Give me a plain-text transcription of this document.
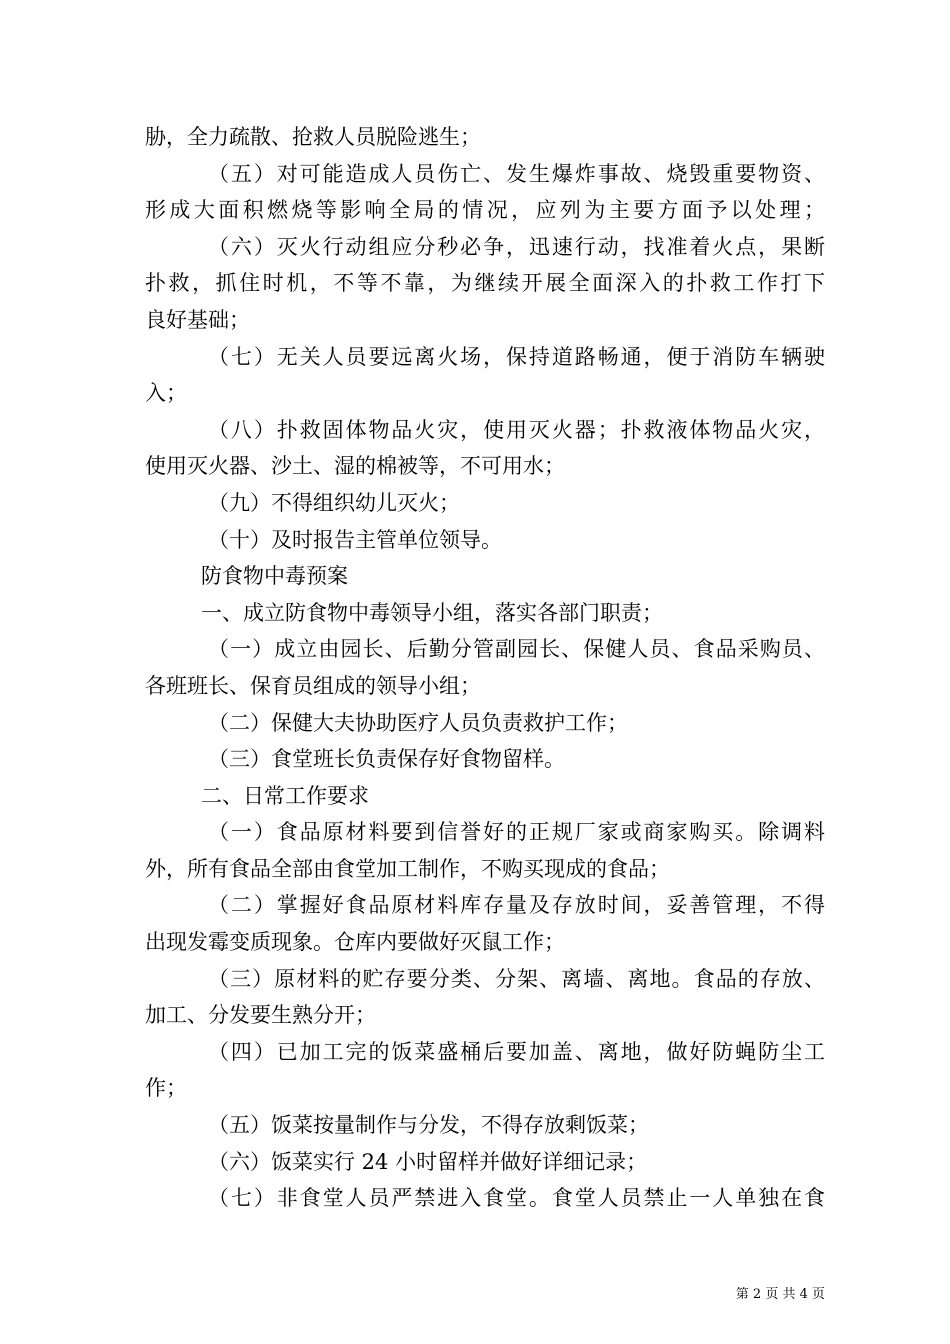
胁，全力疏散、抢救人员脱险逃生；
（五）对可能造成人员伤亡、发生爆炸事故、烧毁重要物资、
形成大面积燃烧等影响全局的情况，应列为主要方面予以处理；
（六）灭火行动组应分秒必争，迅速行动，找准着火点，果断
扑救，抓住时机，不等不靠，为继续开展全面深入的扑救工作打下
良好基础；
（七）无关人员要远离火场，保持道路畅通，便于消防车辆驶
入；
（八）扑救固体物品火灾，使用灭火器；扑救液体物品火灾，
使用灭火器、沙土、湿的棉被等，不可用水；
（九）不得组织幼儿灭火；
（十）及时报告主管单位领导。
防食物中毒预案
一、成立防食物中毒领导小组，落实各部门职责；
（一）成立由园长、后勤分管副园长、保健人员、食品采购员、
各班班长、保育员组成的领导小组；
（二）保健大夫协助医疗人员负责救护工作；
（三）食堂班长负责保存好食物留样。
二、日常工作要求
（一）食品原材料要到信誉好的正规厂家或商家购买。除调料
外，所有食品全部由食堂加工制作，不购买现成的食品；
（二）掌握好食品原材料库存量及存放时间，妥善管理，不得
出现发霉变质现象。仓库内要做好灭鼠工作；
（三）原材料的贮存要分类、分架、离墙、离地。食品的存放、
加工、分发要生熟分开；
（四）已加工完的饭菜盛桶后要加盖、离地，做好防蝇防尘工
作；
（五）饭菜按量制作与分发，不得存放剩饭菜；
（六）饭菜实行 24 小时留样并做好详细记录；
（七）非食堂人员严禁进入食堂。食堂人员禁止一人单独在食
第 2 页 共 4 页
